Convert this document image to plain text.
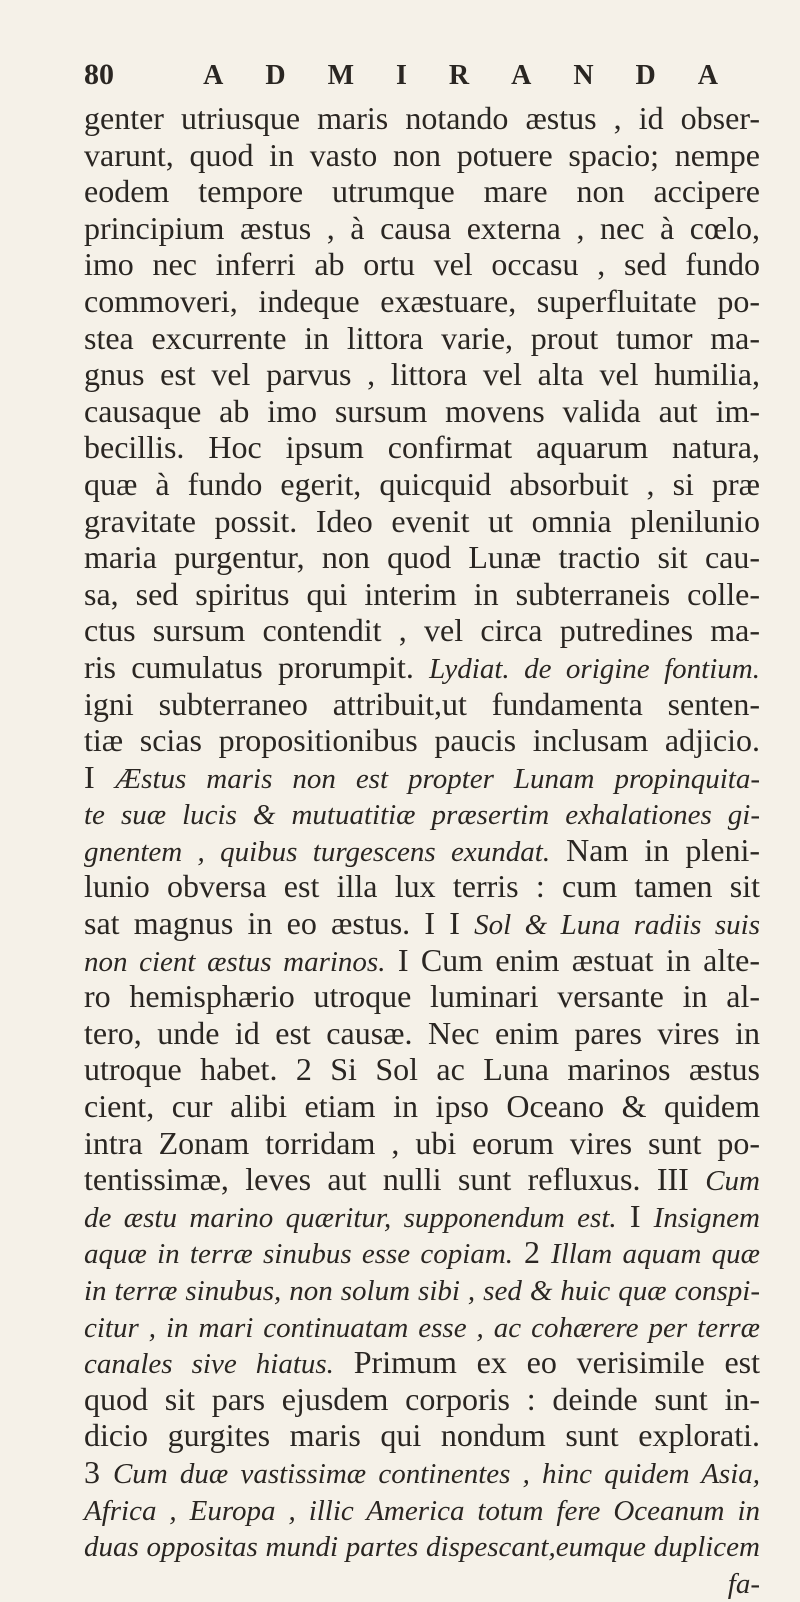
80	ADMIRANDA
genter utriusque maris notando æstus , id obser-
varunt, quod in vasto non potuere spacio; nempe
eodem tempore utrumque mare non accipere
principium æstus , à causa externa , nec à cœlo,
imo nec inferri ab ortu vel occasu , sed fundo
commoveri, indeque exæstuare, superfluitate po-
stea excurrente in littora varie, prout tumor ma-
gnus est vel parvus , littora vel alta vel humilia,
causaque ab imo sursum movens valida aut im-
becillis. Hoc ipsum confirmat aquarum natura,
quæ à fundo egerit, quicquid absorbuit , si præ
gravitate possit. Ideo evenit ut omnia plenilunio
maria purgentur, non quod Lunæ tractio sit cau-
sa, sed spiritus qui interim in subterraneis colle-
ctus sursum contendit , vel circa putredines ma-
ris cumulatus prorumpit. Lydiat. de origine fontium.
igni subterraneo attribuit,ut fundamenta senten-
tiæ scias propositionibus paucis inclusam adjicio.
I Æstus maris non est propter Lunam propinquita-
te suæ lucis & mutuatitiæ præsertim exhalationes gi-
gnentem , quibus turgescens exundat. Nam in pleni-
lunio obversa est illa lux terris : cum tamen sit
sat magnus in eo æstus. I I Sol & Luna radiis suis
non cient æstus marinos. I Cum enim æstuat in alte-
ro hemisphærio utroque luminari versante in al-
tero, unde id est causæ. Nec enim pares vires in
utroque habet. 2 Si Sol ac Luna marinos æstus
cient, cur alibi etiam in ipso Oceano & quidem
intra Zonam torridam , ubi eorum vires sunt po-
tentissimæ, leves aut nulli sunt refluxus. III Cum
de æstu marino quæritur, supponendum est. I Insignem
aquæ in terræ sinubus esse copiam. 2 Illam aquam quæ
in terræ sinubus, non solum sibi , sed & huic quæ conspi-
citur , in mari continuatam esse , ac cohærere per terræ
canales sive hiatus. Primum ex eo verisimile est
quod sit pars ejusdem corporis : deinde sunt in-
dicio gurgites maris qui nondum sunt explorati.
3 Cum duæ vastissimæ continentes , hinc quidem Asia,
Africa , Europa , illic America totum fere Oceanum in
duas oppositas mundi partes dispescant,eumque duplicem
fa-
